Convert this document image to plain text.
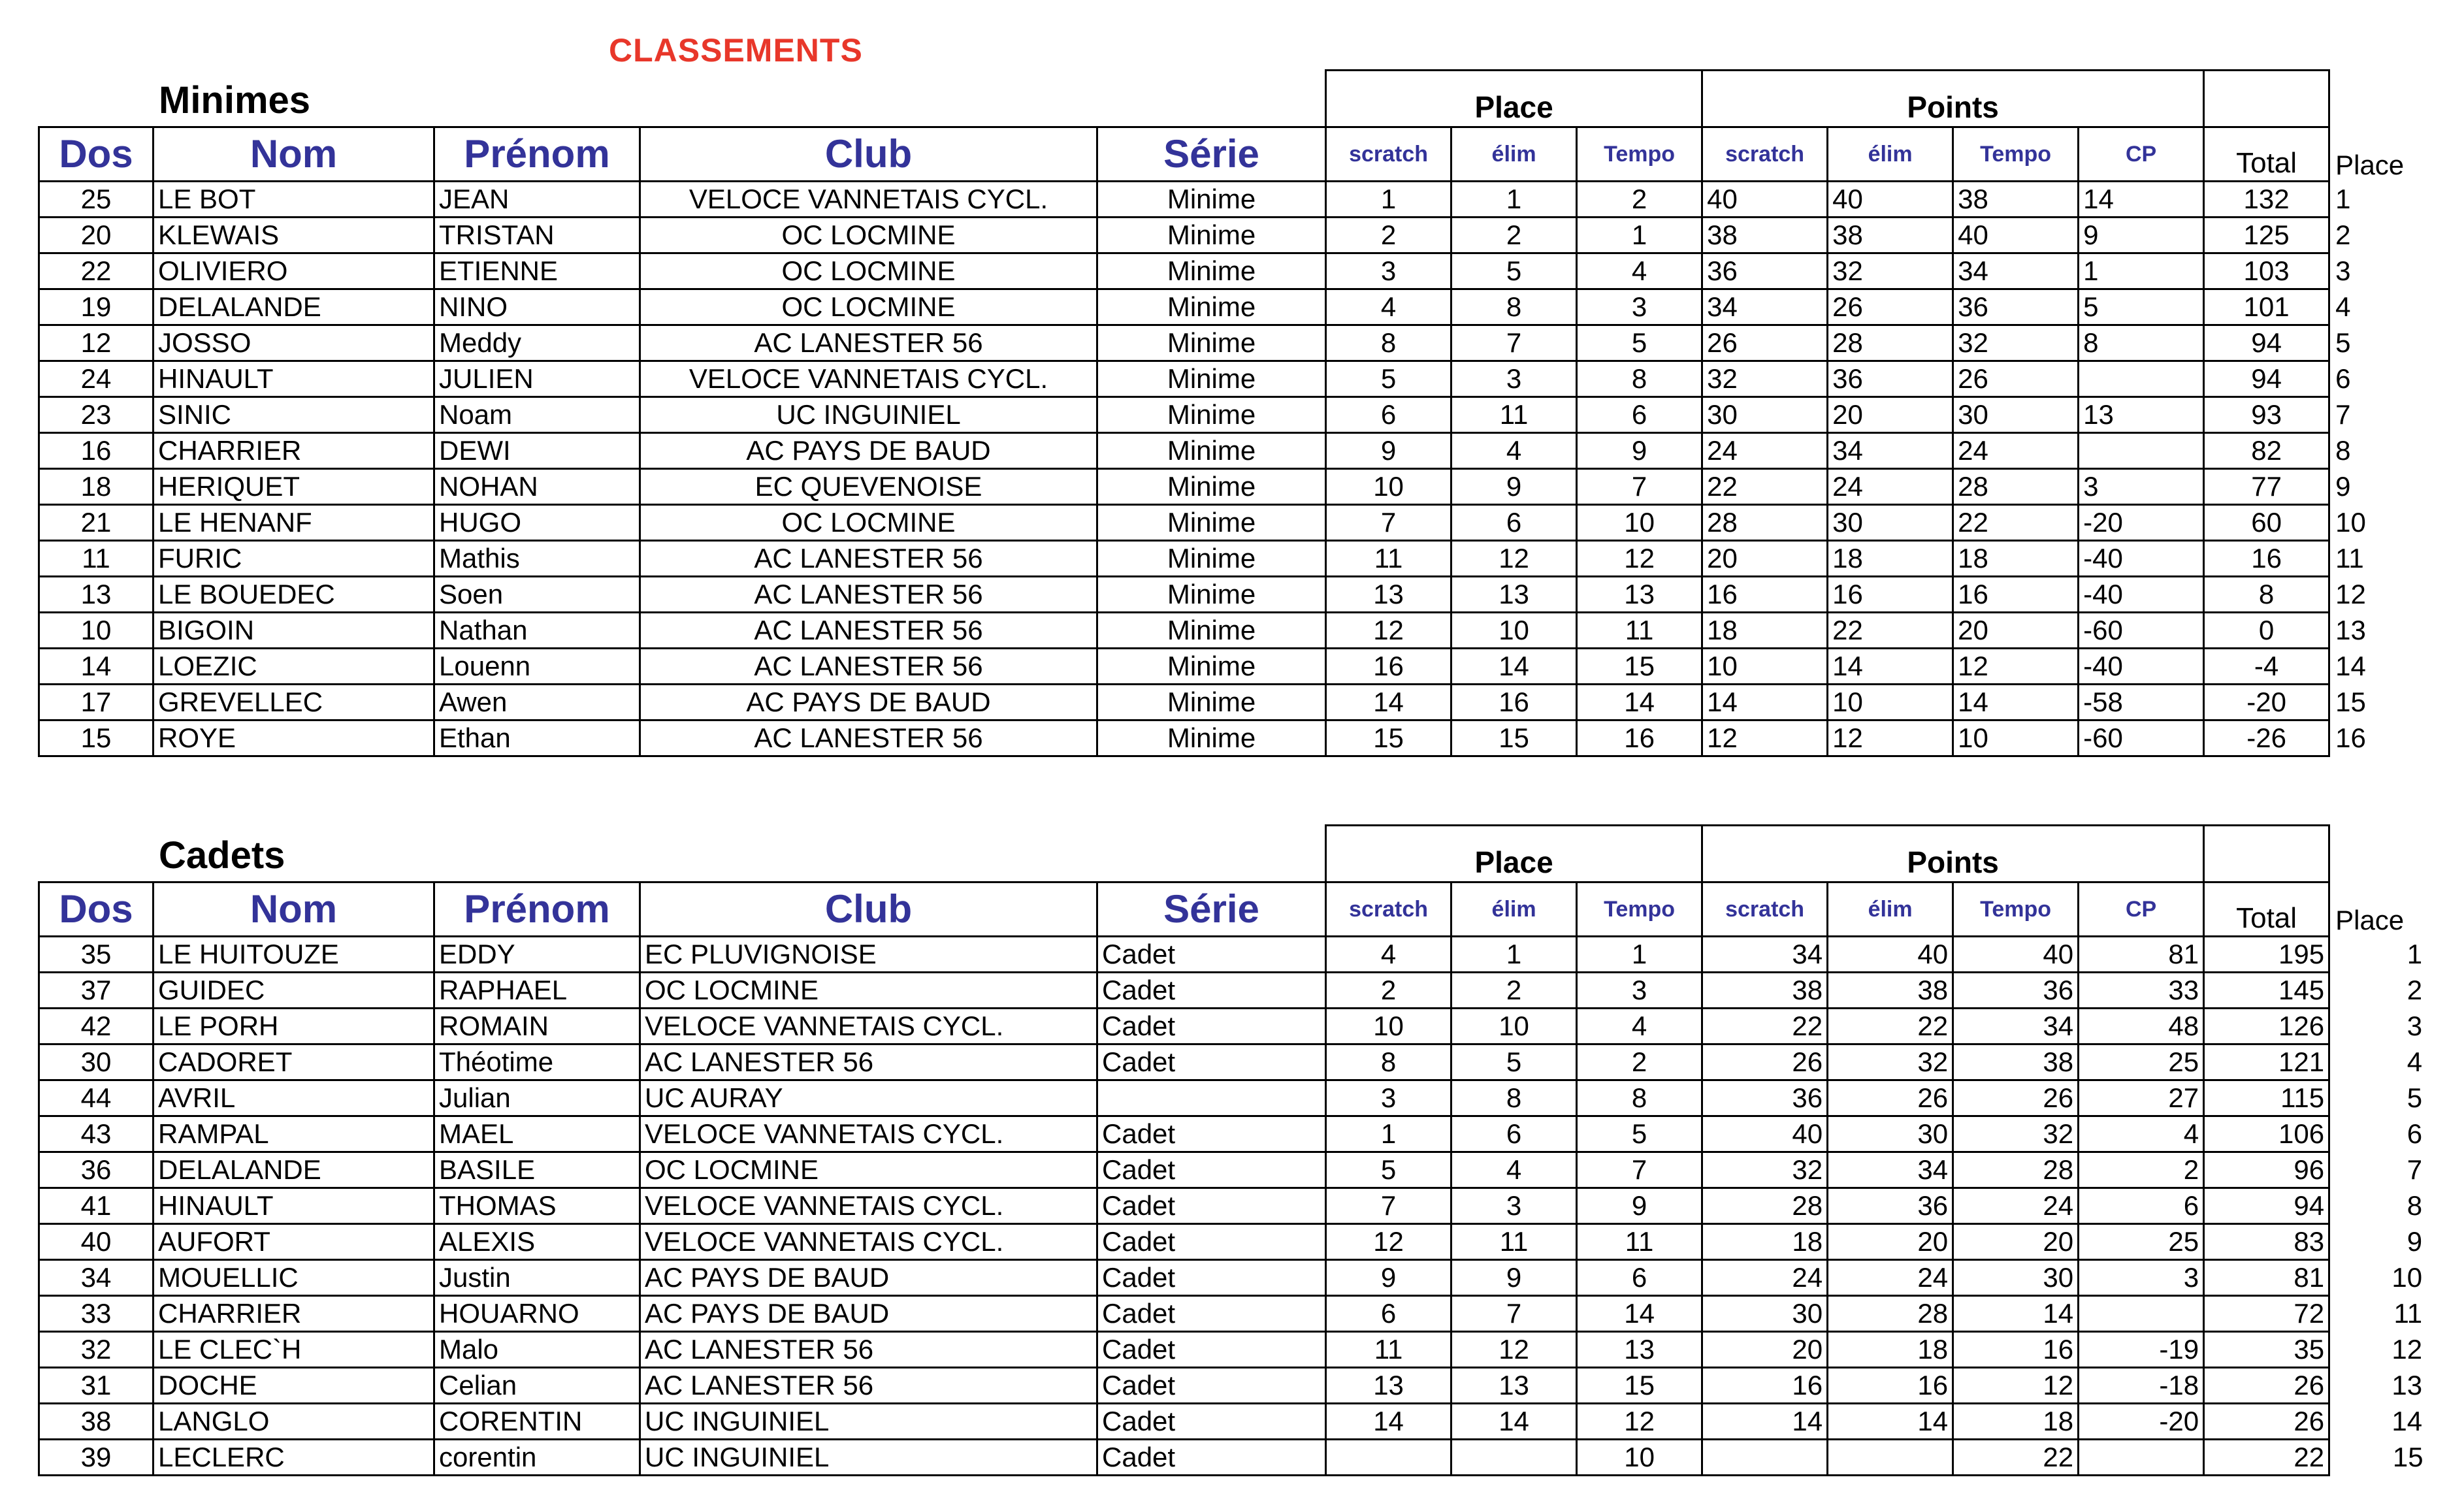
CLASSEMENTS
Minimes
					Place			Points					
Dos	Nom	Prénom	Club	Série	scratch	élim	Tempo	scratch	élim	Tempo	CP	Total	Place
25	LE BOT	JEAN	VELOCE VANNETAIS CYCL.	Minime	1	1	2	40	40	38	14	132	1
20	KLEWAIS	TRISTAN	OC LOCMINE	Minime	2	2	1	38	38	40	9	125	2
22	OLIVIERO	ETIENNE	OC LOCMINE	Minime	3	5	4	36	32	34	1	103	3
19	DELALANDE	NINO	OC LOCMINE	Minime	4	8	3	34	26	36	5	101	4
12	JOSSO	Meddy	AC LANESTER 56	Minime	8	7	5	26	28	32	8	94	5
24	HINAULT	JULIEN	VELOCE VANNETAIS CYCL.	Minime	5	3	8	32	36	26		94	6
23	SINIC	Noam	UC INGUINIEL	Minime	6	11	6	30	20	30	13	93	7
16	CHARRIER	DEWI	AC PAYS DE BAUD	Minime	9	4	9	24	34	24		82	8
18	HERIQUET	NOHAN	EC QUEVENOISE	Minime	10	9	7	22	24	28	3	77	9
21	LE HENANF	HUGO	OC LOCMINE	Minime	7	6	10	28	30	22	-20	60	10
11	FURIC	Mathis	AC LANESTER 56	Minime	11	12	12	20	18	18	-40	16	11
13	LE BOUEDEC	Soen	AC LANESTER 56	Minime	13	13	13	16	16	16	-40	8	12
10	BIGOIN	Nathan	AC LANESTER 56	Minime	12	10	11	18	22	20	-60	0	13
14	LOEZIC	Louenn	AC LANESTER 56	Minime	16	14	15	10	14	12	-40	-4	14
17	GREVELLEC	Awen	AC PAYS DE BAUD	Minime	14	16	14	14	10	14	-58	-20	15
15	ROYE	Ethan	AC LANESTER 56	Minime	15	15	16	12	12	10	-60	-26	16
Cadets
					Place			Points					
Dos	Nom	Prénom	Club	Série	scratch	élim	Tempo	scratch	élim	Tempo	CP	Total	Place
35	LE HUITOUZE	EDDY	EC PLUVIGNOISE	Cadet	4	1	1	34	40	40	81	195	1
37	GUIDEC	RAPHAEL	OC LOCMINE	Cadet	2	2	3	38	38	36	33	145	2
42	LE PORH	ROMAIN	VELOCE VANNETAIS CYCL.	Cadet	10	10	4	22	22	34	48	126	3
30	CADORET	Théotime	AC LANESTER 56	Cadet	8	5	2	26	32	38	25	121	4
44	AVRIL	Julian	UC AURAY		3	8	8	36	26	26	27	115	5
43	RAMPAL	MAEL	VELOCE VANNETAIS CYCL.	Cadet	1	6	5	40	30	32	4	106	6
36	DELALANDE	BASILE	OC LOCMINE	Cadet	5	4	7	32	34	28	2	96	7
41	HINAULT	THOMAS	VELOCE VANNETAIS CYCL.	Cadet	7	3	9	28	36	24	6	94	8
40	AUFORT	ALEXIS	VELOCE VANNETAIS CYCL.	Cadet	12	11	11	18	20	20	25	83	9
34	MOUELLIC	Justin	AC PAYS DE BAUD	Cadet	9	9	6	24	24	30	3	81	10
33	CHARRIER	HOUARNO	AC PAYS DE BAUD	Cadet	6	7	14	30	28	14		72	11
32	LE CLEC`H	Malo	AC LANESTER 56	Cadet	11	12	13	20	18	16	-19	35	12
31	DOCHE	Celian	AC LANESTER 56	Cadet	13	13	15	16	16	12	-18	26	13
38	LANGLO	CORENTIN	UC INGUINIEL	Cadet	14	14	12	14	14	18	-20	26	14
39	LECLERC	corentin	UC INGUINIEL	Cadet			10			22		22	15
